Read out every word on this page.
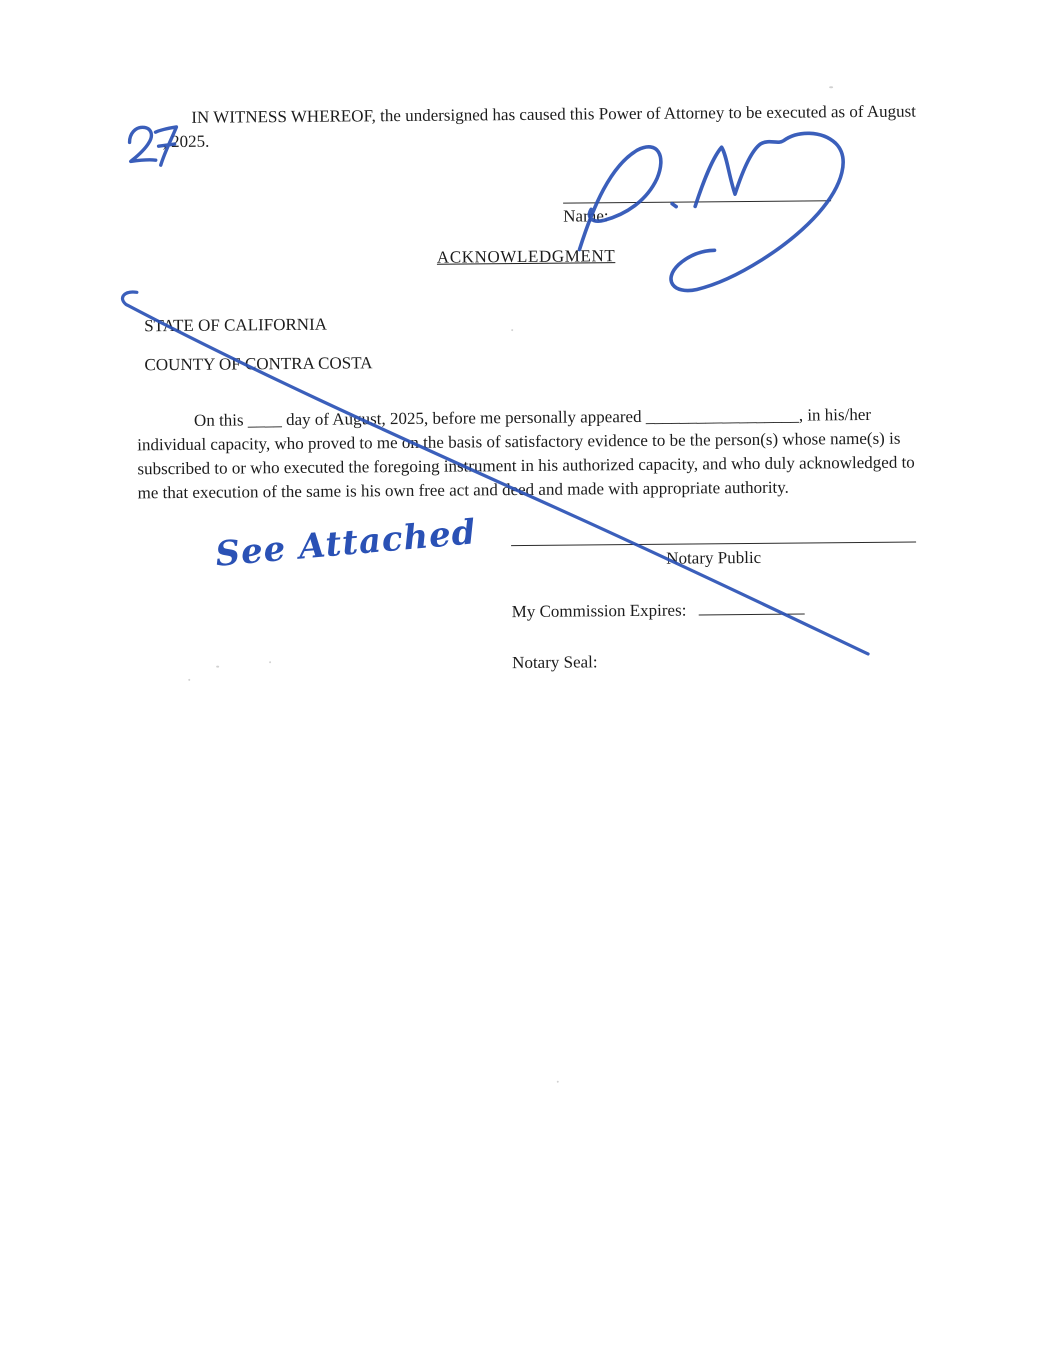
IN WITNESS WHEREOF, the undersigned has caused this Power of Attorney to be executed as of August
, 2025.
Name:
ACKNOWLEDGMENT
STATE OF CALIFORNIA
COUNTY OF CONTRA COSTA
On this ____ day of August, 2025, before me personally appeared __________________, in his/her
individual capacity, who proved to me on the basis of satisfactory evidence to be the person(s) whose name(s) is
subscribed to or who executed the foregoing instrument in his authorized capacity, and who duly acknowledged to
me that execution of the same is his own free act and deed and made with appropriate authority.
See Attached	Notary Public
My Commission Expires:
Notary Seal:
